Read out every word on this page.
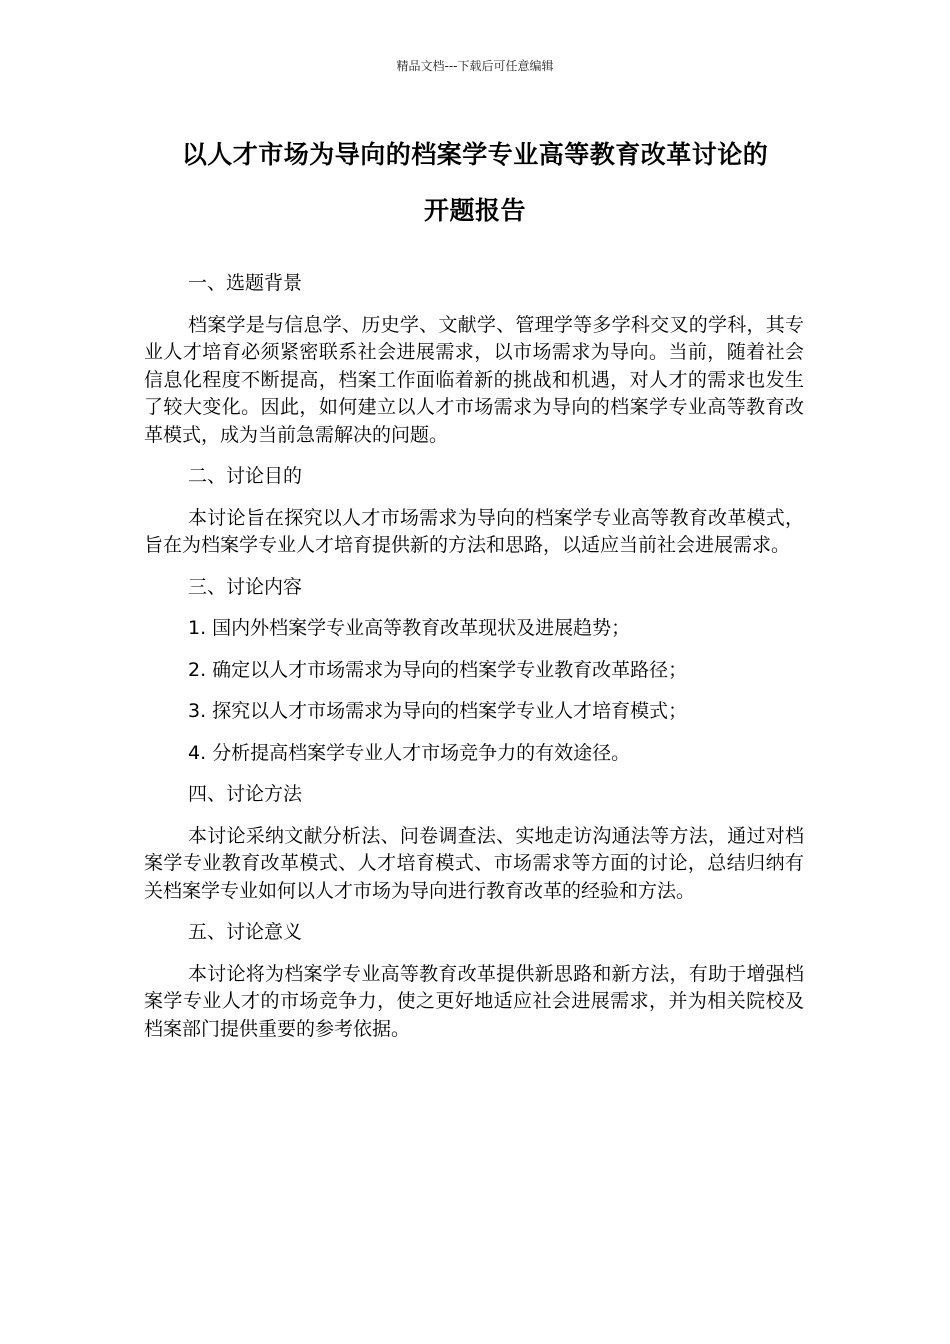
精品文档---下载后可任意编辑
以人才市场为导向的档案学专业高等教育改革讨论的
开题报告
一、选题背景
档案学是与信息学、历史学、文献学、管理学等多学科交叉的学科，其专业人才培育必须紧密联系社会进展需求，以市场需求为导向。当前，随着社会信息化程度不断提高，档案工作面临着新的挑战和机遇，对人才的需求也发生了较大变化。因此，如何建立以人才市场需求为导向的档案学专业高等教育改革模式，成为当前急需解决的问题。
二、讨论目的
本讨论旨在探究以人才市场需求为导向的档案学专业高等教育改革模式，旨在为档案学专业人才培育提供新的方法和思路，以适应当前社会进展需求。
三、讨论内容
1. 国内外档案学专业高等教育改革现状及进展趋势；
2. 确定以人才市场需求为导向的档案学专业教育改革路径；
3. 探究以人才市场需求为导向的档案学专业人才培育模式；
4. 分析提高档案学专业人才市场竞争力的有效途径。
四、讨论方法
本讨论采纳文献分析法、问卷调查法、实地走访沟通法等方法，通过对档案学专业教育改革模式、人才培育模式、市场需求等方面的讨论，总结归纳有关档案学专业如何以人才市场为导向进行教育改革的经验和方法。
五、讨论意义
本讨论将为档案学专业高等教育改革提供新思路和新方法，有助于增强档案学专业人才的市场竞争力，使之更好地适应社会进展需求，并为相关院校及档案部门提供重要的参考依据。
